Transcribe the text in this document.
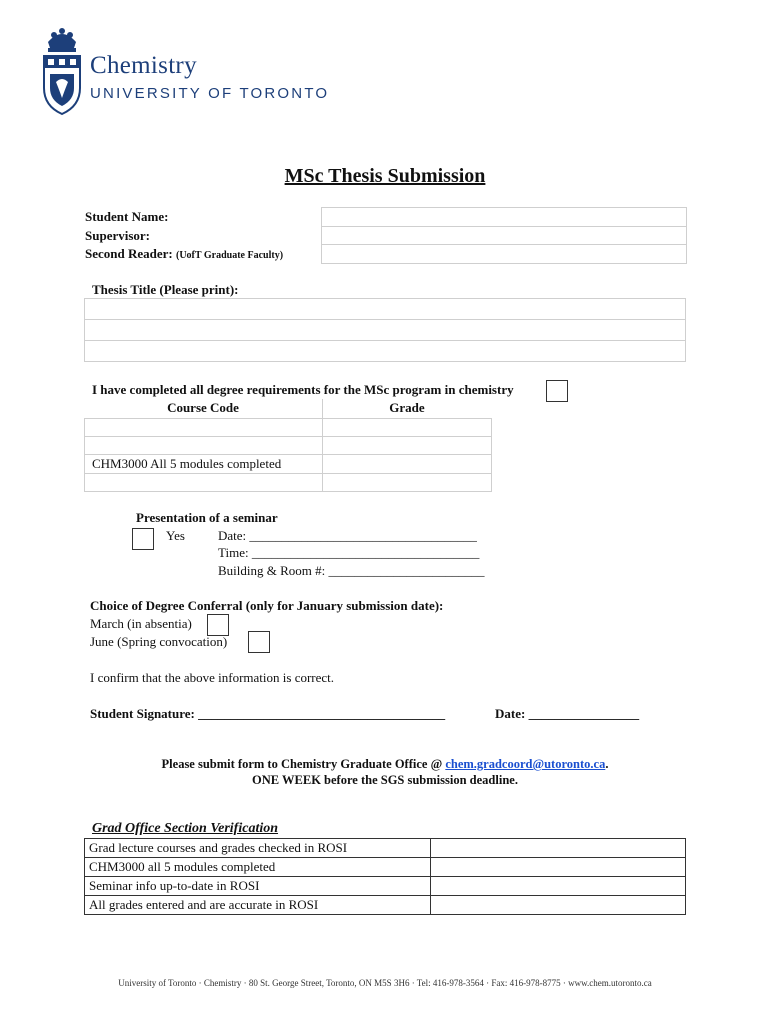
Chemistry
UNIVERSITY OF TORONTO
MSc Thesis Submission
Student Name:	
Supervisor:	
Second Reader: (UofT Graduate Faculty)	
Thesis Title (Please print):

I have completed all degree requirements for the MSc program in chemistry
Course Code	Grade

CHM3000 All 5 modules completed	

Presentation of a seminar
Yes	Date: ___________________________________
Time: ___________________________________
Building & Room #: ________________________
Choice of Degree Conferral (only for January submission date):
March (in absentia)
June (Spring convocation)
I confirm that the above information is correct.
Student Signature: ______________________________________	Date: _________________
Please submit form to Chemistry Graduate Office @ chem.gradcoord@utoronto.ca.
ONE WEEK before the SGS submission deadline.
Grad Office Section Verification
Grad lecture courses and grades checked in ROSI	
CHM3000 all 5 modules completed	
Seminar info up-to-date in ROSI	
All grades entered and are accurate in ROSI	
University of Toronto · Chemistry · 80 St. George Street, Toronto, ON M5S 3H6 · Tel: 416-978-3564 · Fax: 416-978-8775 · www.chem.utoronto.ca
